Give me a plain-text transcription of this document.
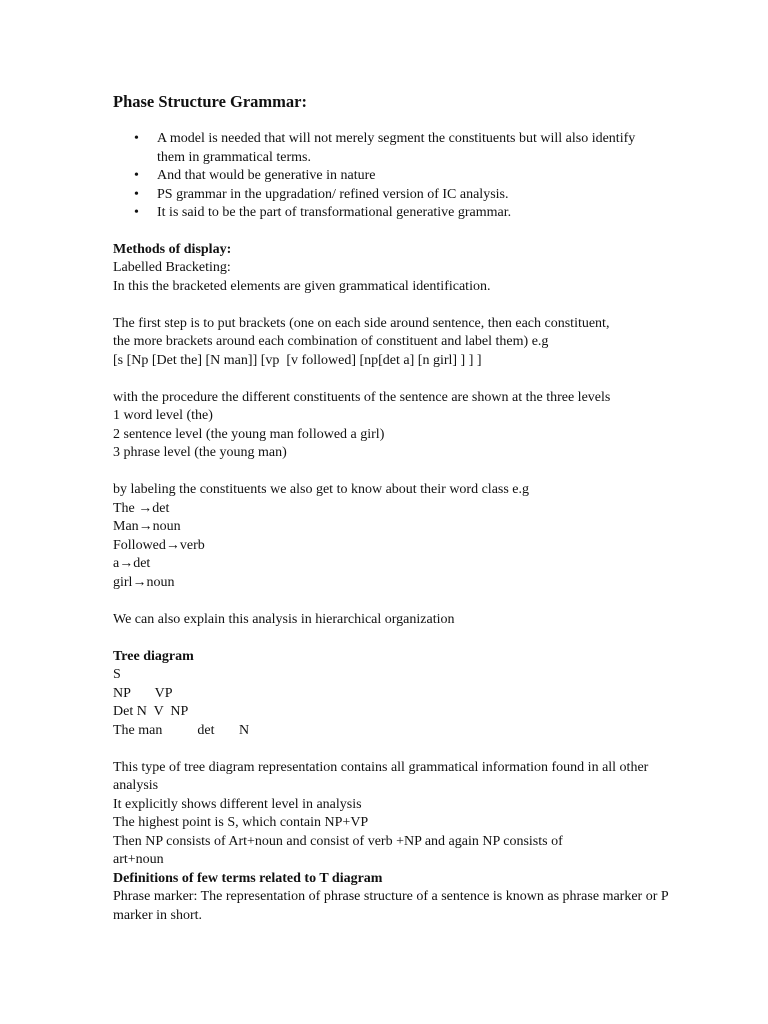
Phase Structure Grammar:
• A model is needed that will not merely segment the constituents but will also identify them in grammatical terms.
• And that would be generative in nature
• PS grammar in the upgradation/ refined version of IC analysis.
• It is said to be the part of transformational generative grammar.
Methods of display:
Labelled Bracketing:
In this the bracketed elements are given grammatical identification.
The first step is to put brackets (one on each side around sentence, then each constituent,
the more brackets around each combination of constituent and label them) e.g
[s [Np [Det the] [N man]] [vp  [v followed] [np[det a] [n girl] ] ] ]
with the procedure the different constituents of the sentence are shown at the three levels
1 word level (the)
2 sentence level (the young man followed a girl)
3 phrase level (the young man)
by labeling the constituents we also get to know about their word class e.g
The →det
Man→noun
Followed→verb
a→det
girl→noun
We can also explain this analysis in hierarchical organization
Tree diagram
S
NP       VP
Det N  V  NP
The man          det       N
This type of tree diagram representation contains all grammatical information found in all other analysis
It explicitly shows different level in analysis
The highest point is S, which contain NP+VP
Then NP consists of Art+noun and consist of verb +NP and again NP consists of art+noun
Definitions of few terms related to T diagram
Phrase marker: The representation of phrase structure of a sentence is known as phrase marker or P marker in short.
